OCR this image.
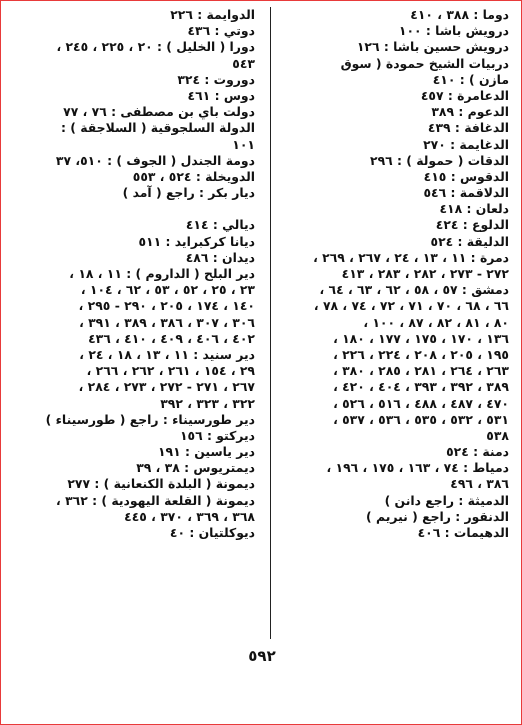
دوما : ٣٨٨ ، ٤١٠
درويش باشا : ١٠٠
درويش حسين باشا : ١٢٦
دربيات الشيخ حمودة ( سوق
مازن ) : ٤١٠
الدعامرة : ٤٥٧
الدعوم : ٣٨٩
الدغافة : ٤٣٩
الدغايمة : ٢٧٠
الدقات ( حمولة ) : ٢٩٦
الدقوس : ٤١٥
الدلاقمة : ٥٤٦
دلعان : ٤١٨
الدلوع : ٤٢٤
الدليقة : ٥٢٤
دمرة : ١١ ، ١٣ ، ٢٤ ، ٢٦٧ ، ٢٦٩ ،
٢٧٢ - ٢٧٣ ، ٢٨٢ ، ٢٨٣ ، ٤١٣
دمشق : ٥٧ ، ٥٨ ، ٦٢ ، ٦٣ ، ٦٤ ،
٦٦ ، ٦٨ ، ٧٠ ، ٧١ ، ٧٢ ، ٧٤ ، ٧٨ ،
٨٠ ، ٨١ ، ٨٢ ، ٨٧ ، ١٠٠ ،
١٣٦ ، ١٧٠ ، ١٧٥ ، ١٧٧ ، ١٨٠ ،
١٩٥ ، ٢٠٥ ، ٢٠٨ ، ٢٢٤ ، ٢٢٦ ،
٢٦٣ ، ٢٦٤ ، ٢٨١ ، ٢٨٥ ، ٣٨٠ ،
٣٨٩ ، ٣٩٢ ، ٣٩٣ ، ٤٠٤ ، ٤٢٠ ،
٤٧٠ ، ٤٨٧ ، ٤٨٨ ، ٥١٦ ، ٥٢٦ ،
٥٣١ ، ٥٣٢ ، ٥٣٥ ، ٥٣٦ ، ٥٣٧ ،
٥٣٨
دمنة : ٥٢٤
دمياط : ٧٤ ، ١٦٣ ، ١٧٥ ، ١٩٦ ،
٣٨٦ ، ٤٩٦
الدميثة : راجع دانن )
الدنقور : راجع ( نيريم )
الدهيمات : ٤٠٦
الدوايمة : ٢٢٦
دوتي : ٤٣٦
دورا ( الخليل ) : ٢٠ ، ٢٢٥ ، ٢٤٥ ،
٥٤٣
دوروت : ٣٢٤
دوس : ٤٦١
دولت باي بن مصطفى : ٧٦ ، ٧٧
الدولة السلجوقية ( السلاجقة ) :
١٠١
دومة الجندل ( الجوف ) : ٥١٠، ٣٧
الدويخلة : ٥٢٤ ، ٥٥٣
ديار بكر : راجع ( آمد )
ديالي : ٤١٤
ديانا كركبرايد : ٥١١
ديدان : ٤٨٦
دير البلح ( الداروم ) : ١١ ، ١٨ ،
٢٣ ، ٢٥ ، ٥٢ ، ٥٣ ، ٦٢ ، ١٠٤ ،
١٤٠ ، ١٧٤ ، ٢٠٥ ، ٢٩٠ - ٢٩٥ ،
٣٠٦ ، ٣٠٧ ، ٣٨٦ ، ٣٨٩ ، ٣٩١ ،
٤٠٢ ، ٤٠٦ ، ٤٠٩ ، ٤١٠ ، ٤٣٦
دير سنيد : ١١ ، ١٣ ، ١٨ ، ٢٤ ،
٢٩ ، ١٥٤ ، ٢٦١ ، ٢٦٢ ، ٢٦٦ ،
٢٦٧ ، ٢٧١ - ٢٧٢ ، ٢٧٣ ، ٢٨٤ ،
٣٢٢ ، ٣٢٣ ، ٣٩٢
دير طورسيناء : راجع ( طورسيناء )
ديركتو : ١٥٦
دير ياسين : ١٩١
ديمتريوس : ٣٨ ، ٣٩
ديمونة ( البلدة الكنعانية ) : ٢٧٧
ديمونة ( القلعة اليهودية ) : ٣٦٢ ،
٣٦٨ ، ٣٦٩ ، ٣٧٠ ، ٤٤٥
ديوكلتيان : ٤٠
٥٩٢
